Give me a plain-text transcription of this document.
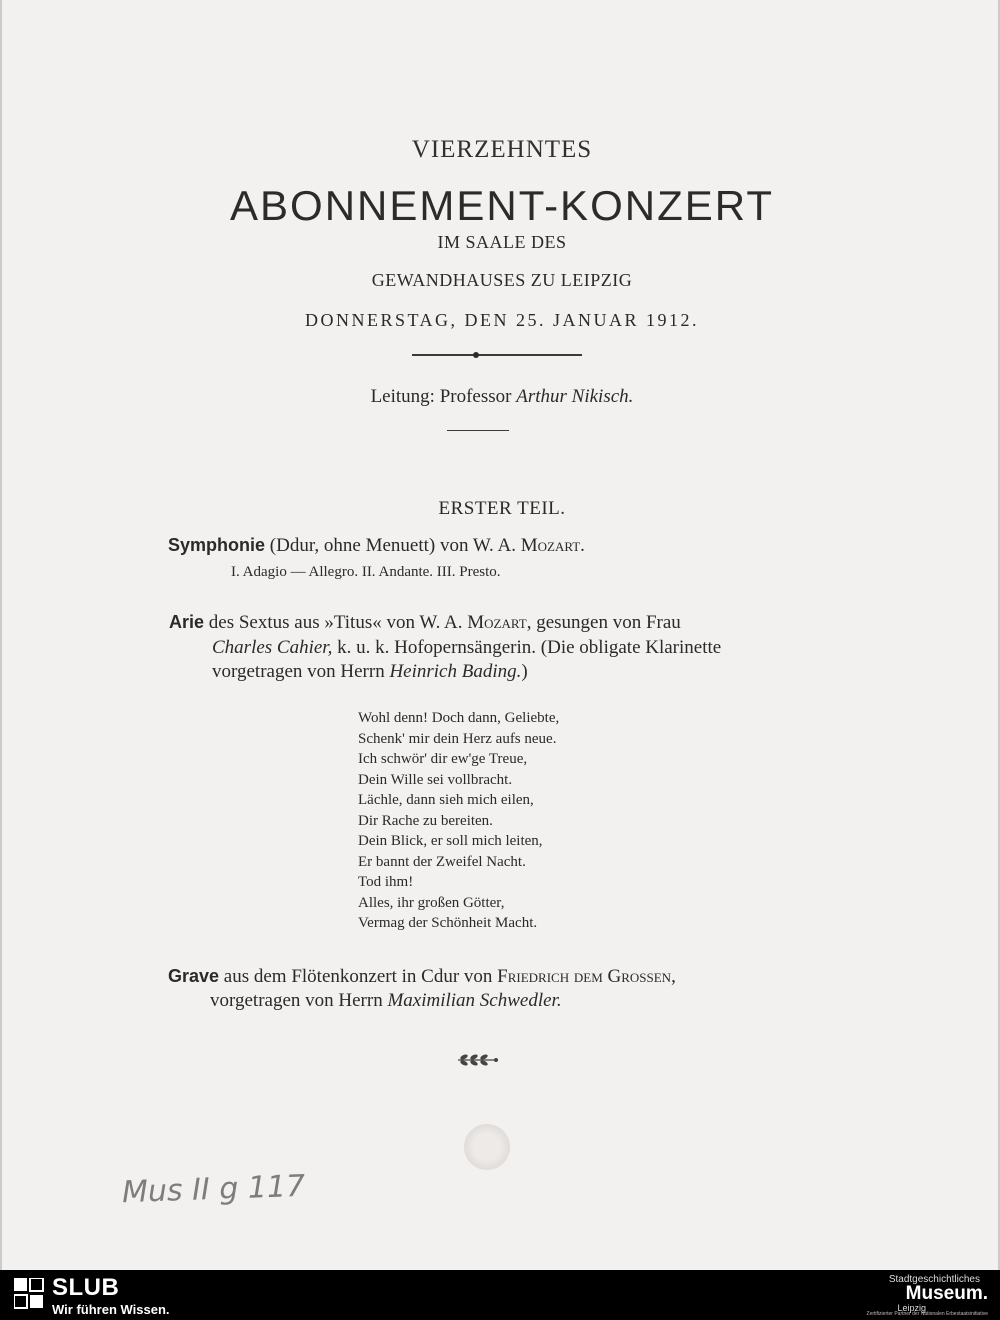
VIERZEHNTES
ABONNEMENT-KONZERT
IM SAALE DES
GEWANDHAUSES ZU LEIPZIG
DONNERSTAG, DEN 25. JANUAR 1912.
Leitung: Professor Arthur Nikisch.
ERSTER TEIL.
Symphonie (Ddur, ohne Menuett) von W. A. Mozart.
I. Adagio — Allegro. II. Andante. III. Presto.
Arie des Sextus aus »Titus« von W. A. Mozart, gesungen von Frau
Charles Cahier, k. u. k. Hofopernsängerin. (Die obligate Klarinette
vorgetragen von Herrn Heinrich Bading.)
Wohl denn! Doch dann, Geliebte,
Schenk' mir dein Herz aufs neue.
Ich schwör' dir ew'ge Treue,
Dein Wille sei vollbracht.
Lächle, dann sieh mich eilen,
Dir Rache zu bereiten.
Dein Blick, er soll mich leiten,
Er bannt der Zweifel Nacht.
Tod ihm!
Alles, ihr großen Götter,
Vermag der Schönheit Macht.
Grave aus dem Flötenkonzert in Cdur von Friedrich dem Grossen,
vorgetragen von Herrn Maximilian Schwedler.
Mus II g 117
SLUB
Wir führen Wissen.
Stadtgeschichtliches
Museum.
Leipzig
Zertifizierter Partner der Nationalen Erbestaatsinitiative
